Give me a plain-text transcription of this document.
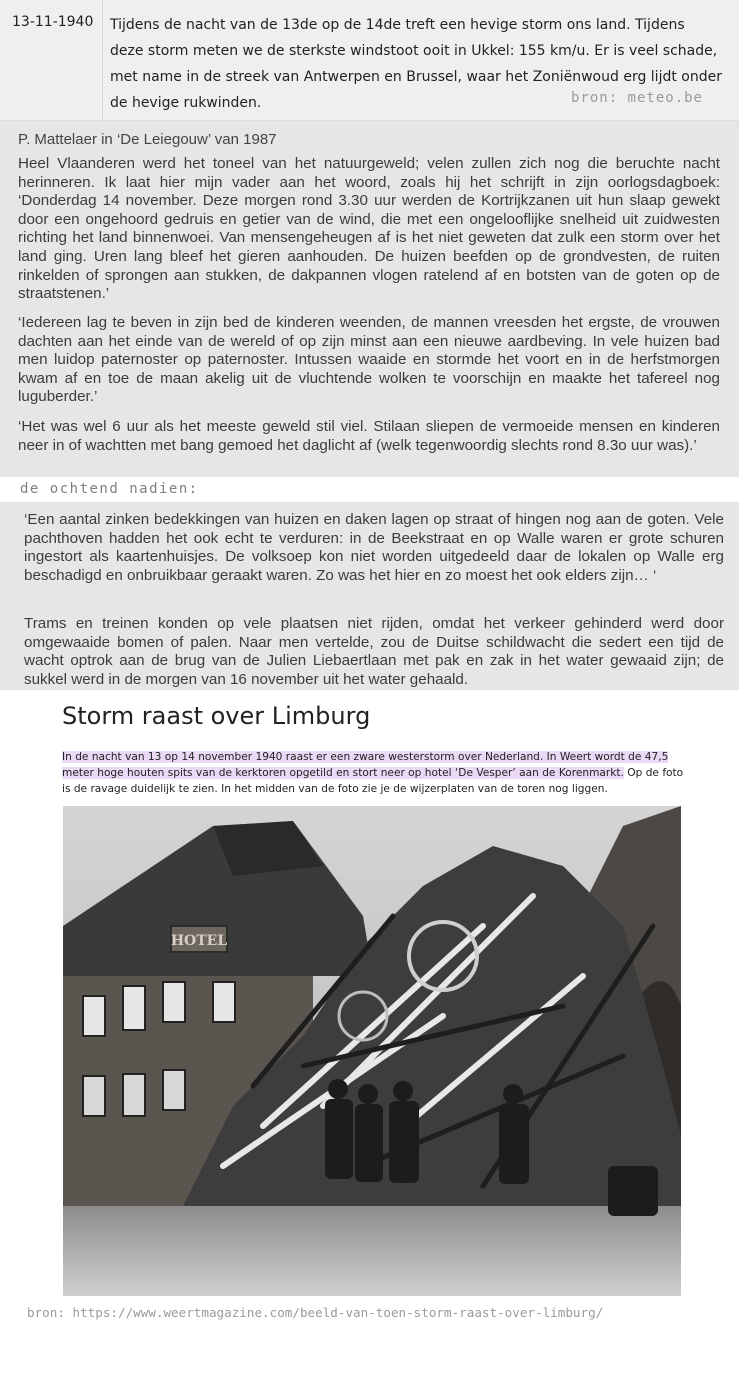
13-11-1940	Tijdens de nacht van de 13de op de 14de treft een hevige storm ons land. Tijdens deze storm meten we de sterkste windstoot ooit in Ukkel: 155 km/u. Er is veel schade, met name in de streek van Antwerpen en Brussel, waar het Zoniënwoud erg lijdt onder de hevige rukwinden.	bron: meteo.be
P. Mattelaer in ‘De Leiegouw’ van 1987
Heel Vlaanderen werd het toneel van het natuurgeweld; velen zullen zich nog die beruchte nacht herinneren. Ik laat hier mijn vader aan het woord, zoals hij het schrijft in zijn oorlogsdagboek: ‘Donderdag 14 november. Deze morgen rond 3.30 uur werden de Kortrijkzanen uit hun slaap gewekt door een ongehoord gedruis en getier van de wind, die met een ongelooflijke snelheid uit zuidwesten richting het land binnenwoei. Van mensengeheugen af is het niet geweten dat zulk een storm over het land ging. Uren lang bleef het gieren aanhouden. De huizen beefden op de grondvesten, de ruiten rinkelden of sprongen aan stukken, de dakpannen vlogen ratelend af en botsten van de goten op de straatstenen.’
‘Iedereen lag te beven in zijn bed de kinderen weenden, de mannen vreesden het ergste, de vrouwen dachten aan het einde van de wereld of op zijn minst aan een nieuwe aardbeving. In vele huizen bad men luidop paternoster op paternoster. Intussen waaide en stormde het voort en in de herfstmorgen kwam af en toe de maan akelig uit de vluchtende wolken te voorschijn en maakte het tafereel nog luguberder.’
‘Het was wel 6 uur als het meeste geweld stil viel. Stilaan sliepen de vermoeide mensen en kinderen neer in of wachtten met bang gemoed het daglicht af (welk tegenwoordig slechts rond 8.3o uur was).’
de ochtend nadien:
‘Een aantal zinken bedekkingen van huizen en daken lagen op straat of hingen nog aan de goten. Vele pachthoven hadden het ook echt te verduren: in de Beekstraat en op Walle waren er grote schuren ingestort als kaartenhuisjes. De volksoep kon niet worden uitgedeeld daar de lokalen op Walle erg beschadigd en onbruikbaar geraakt waren. Zo was het hier en zo moest het ook elders zijn… ‘
Trams en treinen konden op vele plaatsen niet rijden, omdat het verkeer gehinderd werd door omgewaaide bomen of palen. Naar men vertelde, zou de Duitse schildwacht die sedert een tijd de wacht optrok aan de brug van de Julien Liebaertlaan met pak en zak in het water gewaaid zijn; de sukkel werd in de morgen van 16 november uit het water gehaald.
Storm raast over Limburg
In de nacht van 13 op 14 november 1940 raast er een zware westerstorm over Nederland. In Weert wordt de 47,5 meter hoge houten spits van de kerktoren opgetild en stort neer op hotel ‘De Vesper’ aan de Korenmarkt. Op de foto is de ravage duidelijk te zien. In het midden van de foto zie je de wijzerplaten van de toren nog liggen.
HOTEL
bron: https://www.weertmagazine.com/beeld-van-toen-storm-raast-over-limburg/
